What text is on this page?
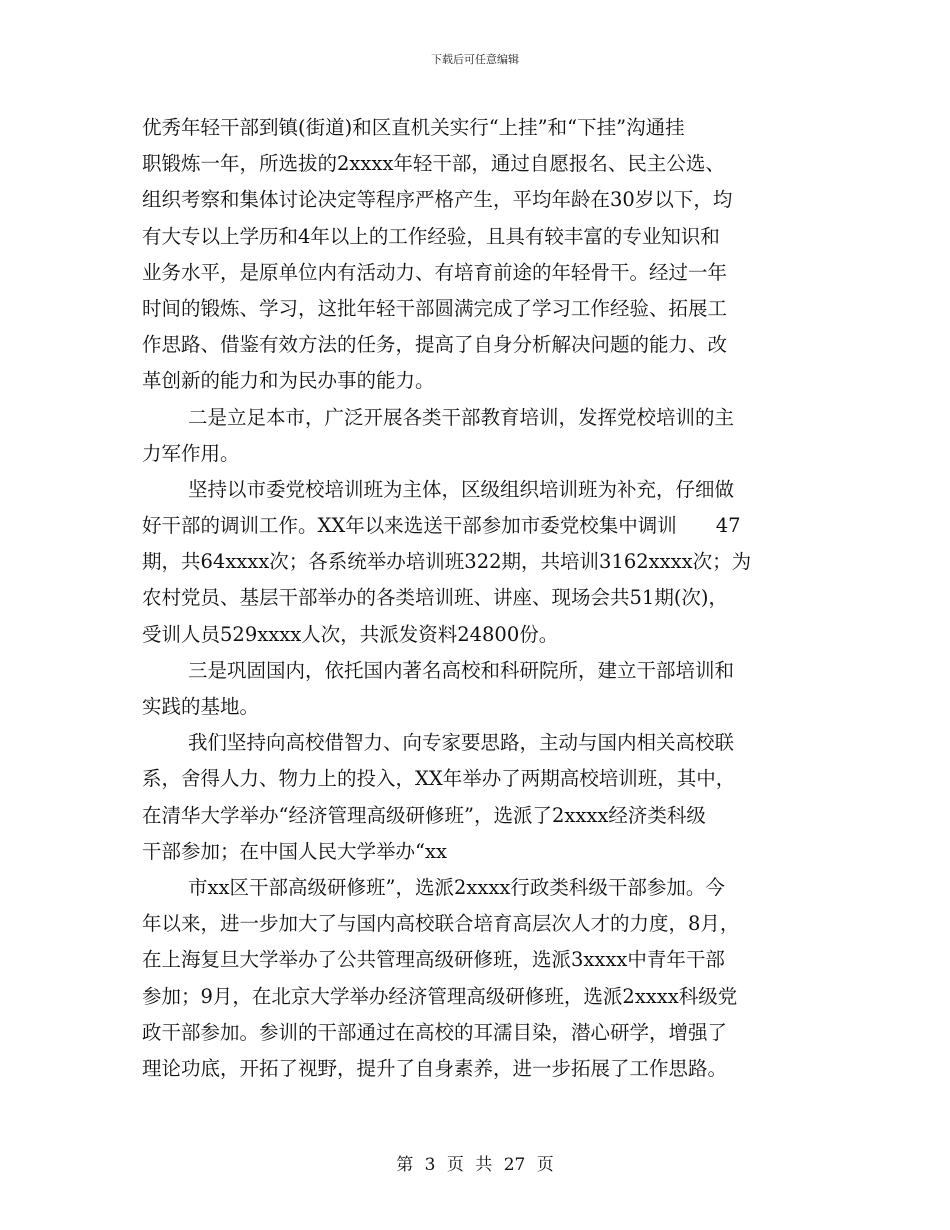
下载后可任意编辑
优秀年轻干部到镇(街道)和区直机关实行“上挂”和“下挂”沟通挂
职锻炼一年，所选拔的2xxxx年轻干部，通过自愿报名、民主公选、
组织考察和集体讨论决定等程序严格产生，平均年龄在30岁以下，均
有大专以上学历和4年以上的工作经验，且具有较丰富的专业知识和
业务水平，是原单位内有活动力、有培育前途的年轻骨干。经过一年
时间的锻炼、学习，这批年轻干部圆满完成了学习工作经验、拓展工
作思路、借鉴有效方法的任务，提高了自身分析解决问题的能力、改
革创新的能力和为民办事的能力。
二是立足本市，广泛开展各类干部教育培训，发挥党校培训的主
力军作用。
坚持以市委党校培训班为主体，区级组织培训班为补充，仔细做
好干部的调训工作。XX年以来选送干部参加市委党校集中调训　　47
期，共64xxxx次；各系统举办培训班322期，共培训3162xxxx次；为
农村党员、基层干部举办的各类培训班、讲座、现场会共51期(次)，
受训人员529xxxx人次，共派发资料24800份。
三是巩固国内，依托国内著名高校和科研院所，建立干部培训和
实践的基地。
我们坚持向高校借智力、向专家要思路，主动与国内相关高校联
系，舍得人力、物力上的投入，XX年举办了两期高校培训班，其中，
在清华大学举办“经济管理高级研修班”，选派了2xxxx经济类科级
干部参加；在中国人民大学举办“xx
市xx区干部高级研修班”，选派2xxxx行政类科级干部参加。今
年以来，进一步加大了与国内高校联合培育高层次人才的力度，8月，
在上海复旦大学举办了公共管理高级研修班，选派3xxxx中青年干部
参加；9月，在北京大学举办经济管理高级研修班，选派2xxxx科级党
政干部参加。参训的干部通过在高校的耳濡目染，潜心研学，增强了
理论功底，开拓了视野，提升了自身素养，进一步拓展了工作思路。
第 3 页 共 27 页
